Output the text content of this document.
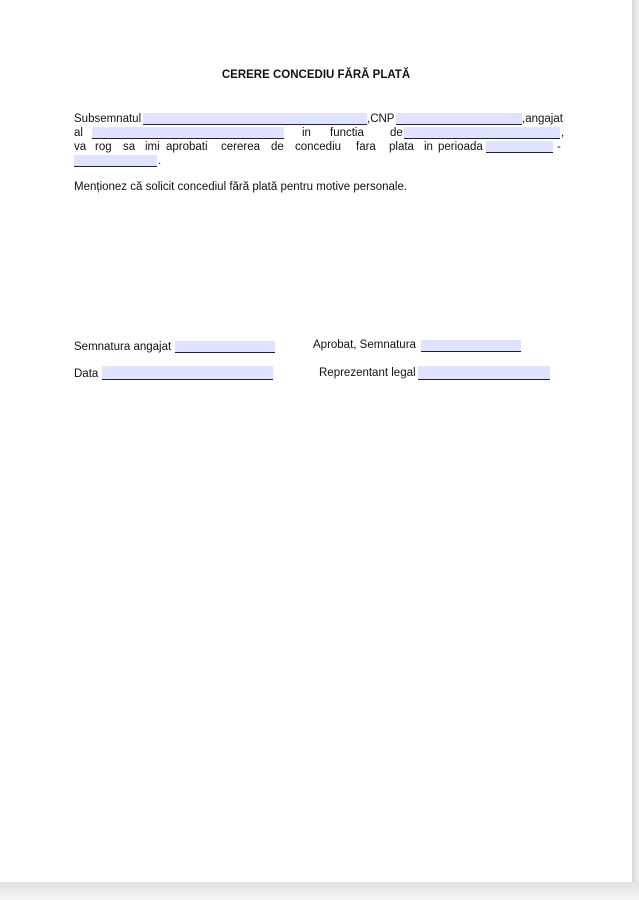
CERERE CONCEDIU FĂRĂ PLATĂ
Subsemnatul	,CNP	,angajat
al	in functia de	,
va rog sa imi aprobati cererea de concediu fara plata in perioada	-
.
Menționez că solicit concediul fără plată pentru motive personale.
Semnatura angajat	Aprobat, Semnatura
Data	Reprezentant legal
